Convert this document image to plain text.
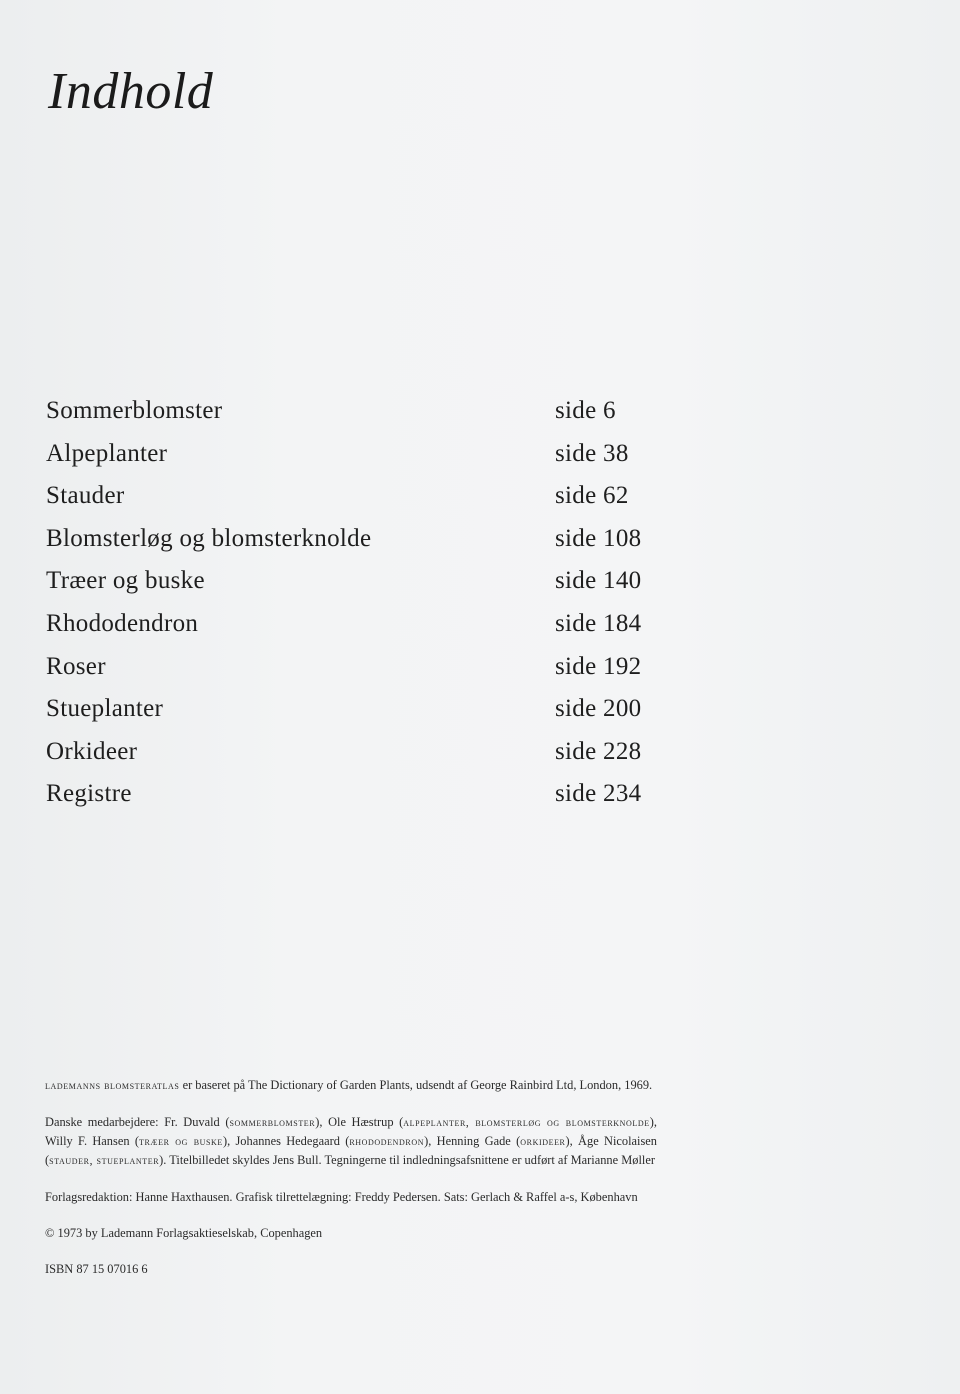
Indhold
Sommerblomster	side 6
Alpeplanter	side 38
Stauder	side 62
Blomsterløg og blomsterknolde	side 108
Træer og buske	side 140
Rhododendron	side 184
Roser	side 192
Stueplanter	side 200
Orkideer	side 228
Registre	side 234

lademanns blomsteratlas er baseret på The Dictionary of Garden Plants, udsendt af George Rainbird Ltd, London, 1969.

Danske medarbejdere: Fr. Duvald (sommerblomster), Ole Hæstrup (alpeplanter, blomsterløg og blomsterknolde), Willy F. Hansen (træer og buske), Johannes Hedegaard (rhododendron), Henning Gade (orkideer), Åge Nicolaisen (stauder, stueplanter). Titelbilledet skyldes Jens Bull. Tegningerne til indledningsafsnittene er udført af Marianne Møller

Forlagsredaktion: Hanne Haxthausen. Grafisk tilrettelægning: Freddy Pedersen. Sats: Gerlach & Raffel a-s, København

© 1973 by Lademann Forlagsaktieselskab, Copenhagen

ISBN 87 15 07016 6
